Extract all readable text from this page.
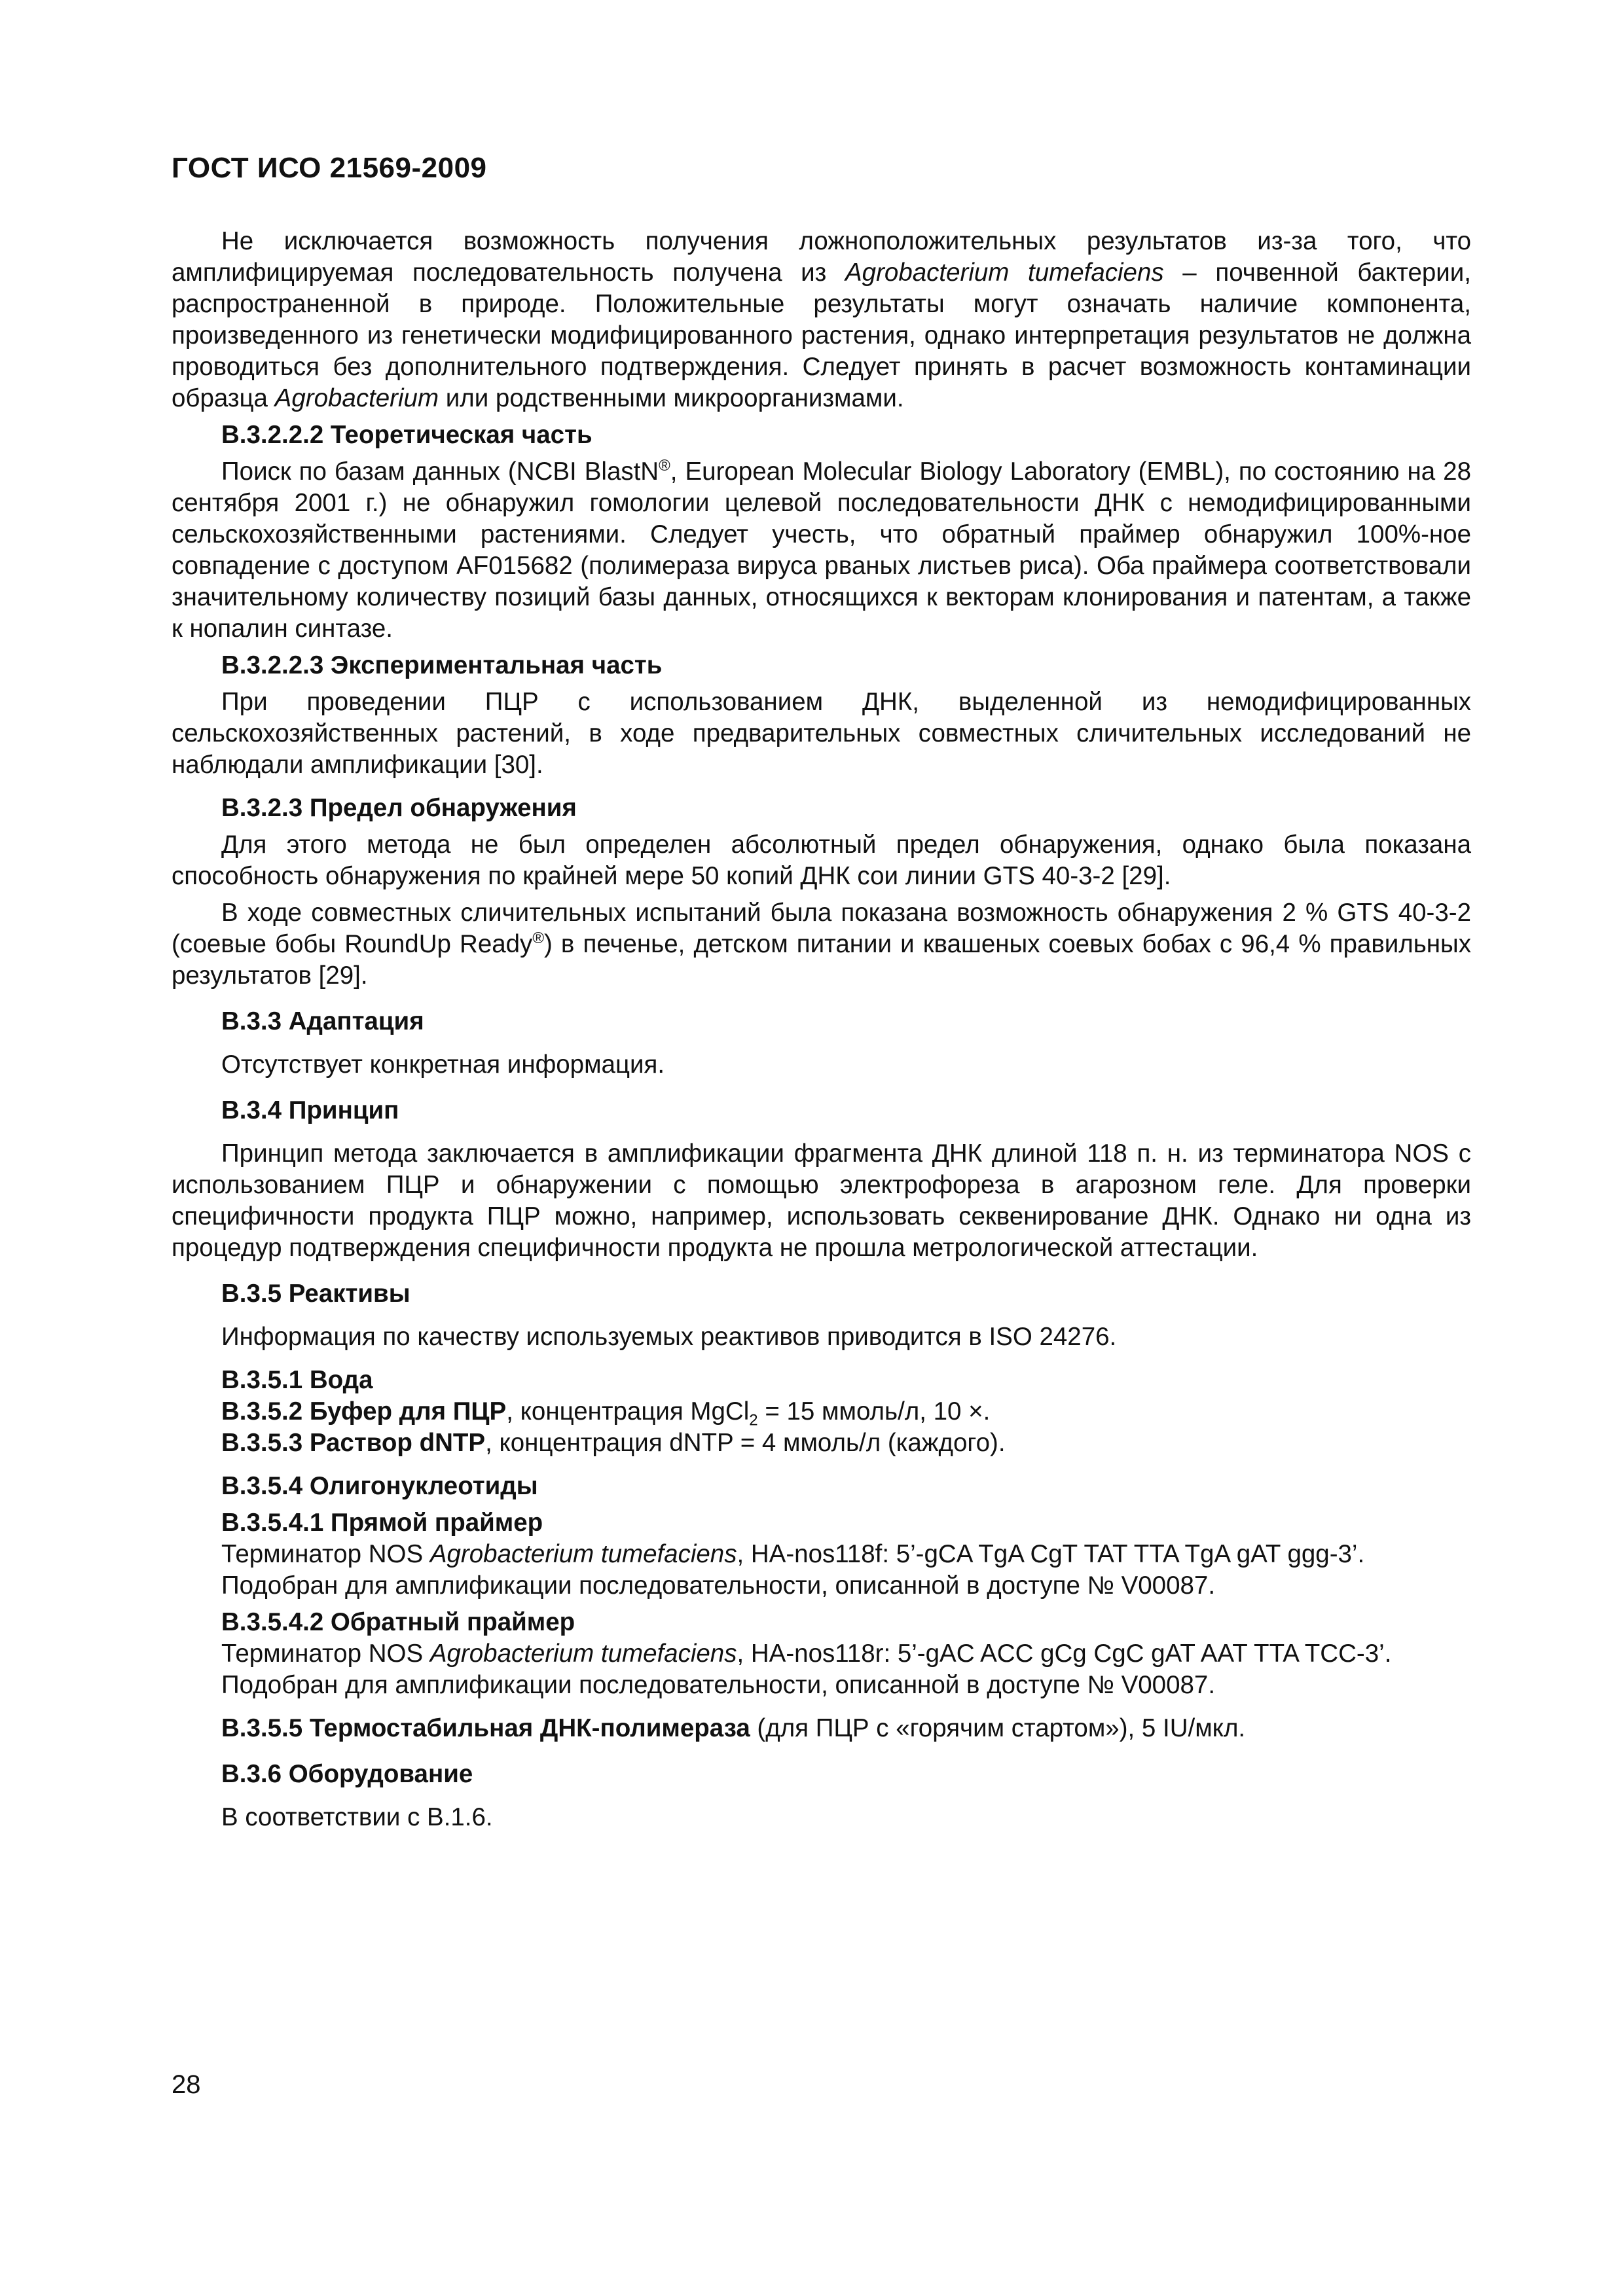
ГОСТ ИСО 21569-2009

Не исключается возможность получения ложноположительных результатов из-за того, что амплифицируемая последовательность получена из Agrobacterium tumefaciens – почвенной бактерии, распространенной в природе. Положительные результаты могут означать наличие компонента, произведенного из генетически модифицированного растения, однако интерпретация результатов не должна проводиться без дополнительного подтверждения. Следует принять в расчет возможность контаминации образца Agrobacterium или родственными микроорганизмами.

B.3.2.2.2 Теоретическая часть

Поиск по базам данных (NCBI BlastN®, European Molecular Biology Laboratory (EMBL), по состоянию на 28 сентября 2001 г.) не обнаружил гомологии целевой последовательности ДНК с немодифицированными сельскохозяйственными растениями. Следует учесть, что обратный праймер обнаружил 100%-ное совпадение с доступом AF015682 (полимераза вируса рваных листьев риса). Оба праймера соответствовали значительному количеству позиций базы данных, относящихся к векторам клонирования и патентам, а также к нопалин синтазе.

B.3.2.2.3 Экспериментальная часть

При проведении ПЦР с использованием ДНК, выделенной из немодифицированных сельскохозяйственных растений, в ходе предварительных совместных сличительных исследований не наблюдали амплификации [30].

B.3.2.3 Предел обнаружения

Для этого метода не был определен абсолютный предел обнаружения, однако была показана способность обнаружения по крайней мере 50 копий ДНК сои линии GTS 40-3-2 [29].

В ходе совместных сличительных испытаний была показана возможность обнаружения 2 % GTS 40-3-2 (соевые бобы RoundUp Ready®) в печенье, детском питании и квашеных соевых бобах с 96,4 % правильных результатов [29].

B.3.3 Адаптация

Отсутствует конкретная информация.

B.3.4 Принцип

Принцип метода заключается в амплификации фрагмента ДНК длиной 118 п. н. из терминатора NOS с использованием ПЦР и обнаружении с помощью электрофореза в агарозном геле. Для проверки специфичности продукта ПЦР можно, например, использовать секвенирование ДНК. Однако ни одна из процедур подтверждения специфичности продукта не прошла метрологической аттестации.

B.3.5 Реактивы

Информация по качеству используемых реактивов приводится в ISO 24276.

B.3.5.1 Вода

B.3.5.2 Буфер для ПЦР, концентрация MgCl$_2$ = 15 ммоль/л, 10 ×.

B.3.5.3 Раствор dNTP, концентрация dNTP = 4 ммоль/л (каждого).

B.3.5.4 Олигонуклеотиды

B.3.5.4.1 Прямой праймер

Терминатор NOS Agrobacterium tumefaciens, HA-nos118f: 5’-gCA TgA CgT TAT TTA TgA gAT ggg-3’.

Подобран для амплификации последовательности, описанной в доступе № V00087.

B.3.5.4.2 Обратный праймер

Терминатор NOS Agrobacterium tumefaciens, HA-nos118r: 5’-gAC ACC gCg CgC gAT AAT TTA TCC-3’.

Подобран для амплификации последовательности, описанной в доступе № V00087.

B.3.5.5 Термостабильная ДНК-полимераза (для ПЦР с «горячим стартом»), 5 IU/мкл.

B.3.6 Оборудование

В соответствии с B.1.6.

28
